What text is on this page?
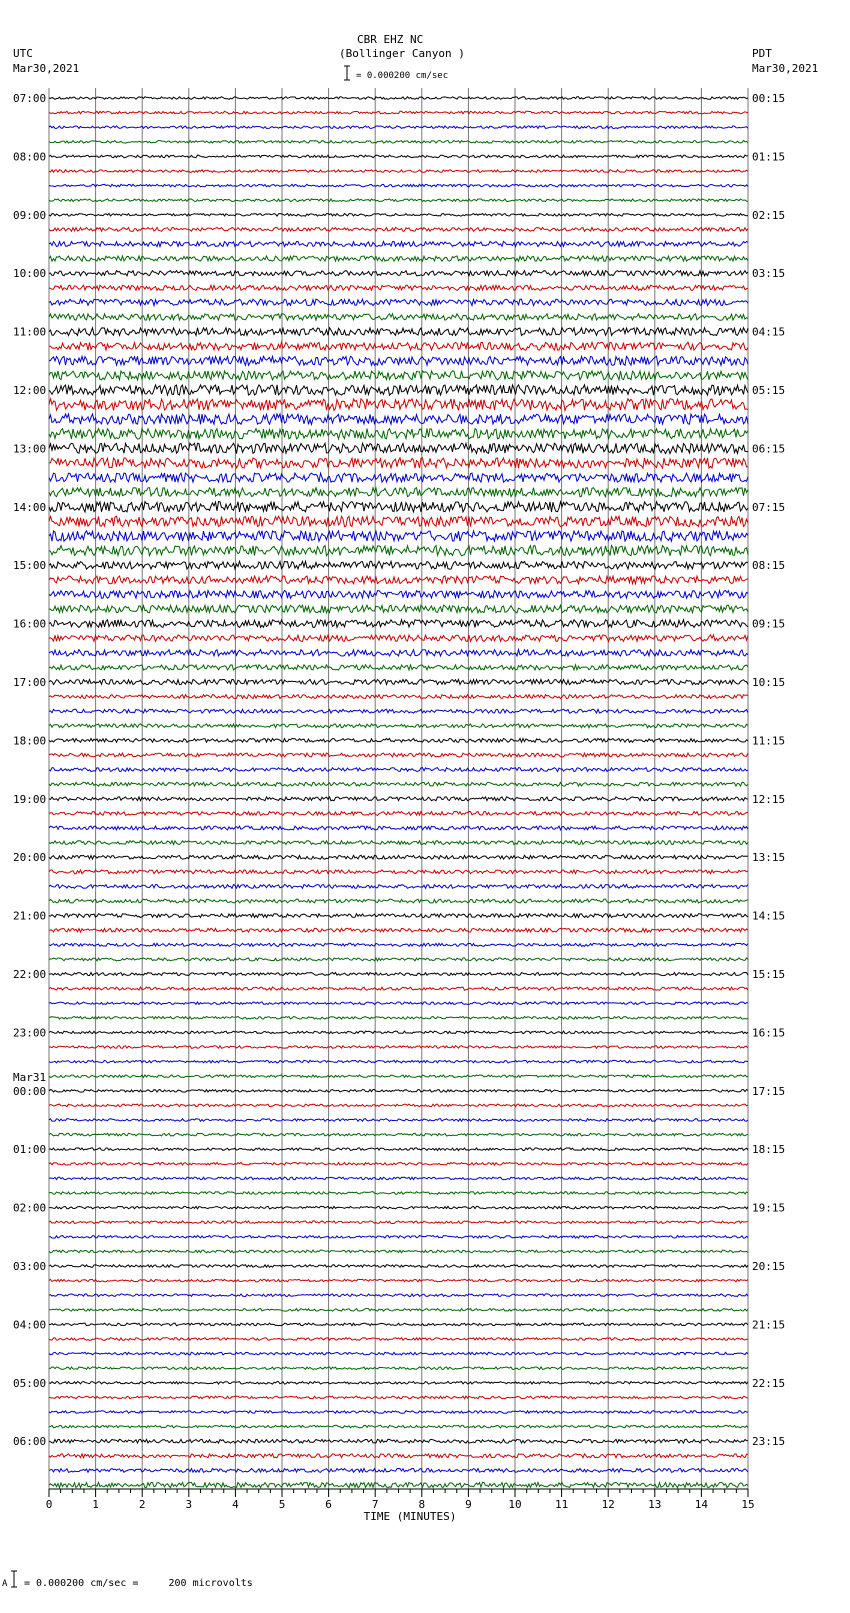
CBR EHZ NC
(Bollinger Canyon )
= 0.000200 cm/sec
UTC
Mar30,2021
PDT
Mar30,2021
A = 0.000200 cm/sec =     200 microvolts
07:00
08:00
09:00
10:00
11:00
12:00
13:00
14:00
15:00
16:00
17:00
18:00
19:00
20:00
21:00
22:00
23:00
00:00
01:00
02:00
03:00
04:00
05:00
06:00
Mar31
00:15
01:15
02:15
03:15
04:15
05:15
06:15
07:15
08:15
09:15
10:15
11:15
12:15
13:15
14:15
15:15
16:15
17:15
18:15
19:15
20:15
21:15
22:15
23:15
0	1	2	3	4	5	6	7	8	9	10	11	12	13	14	15
TIME (MINUTES)
